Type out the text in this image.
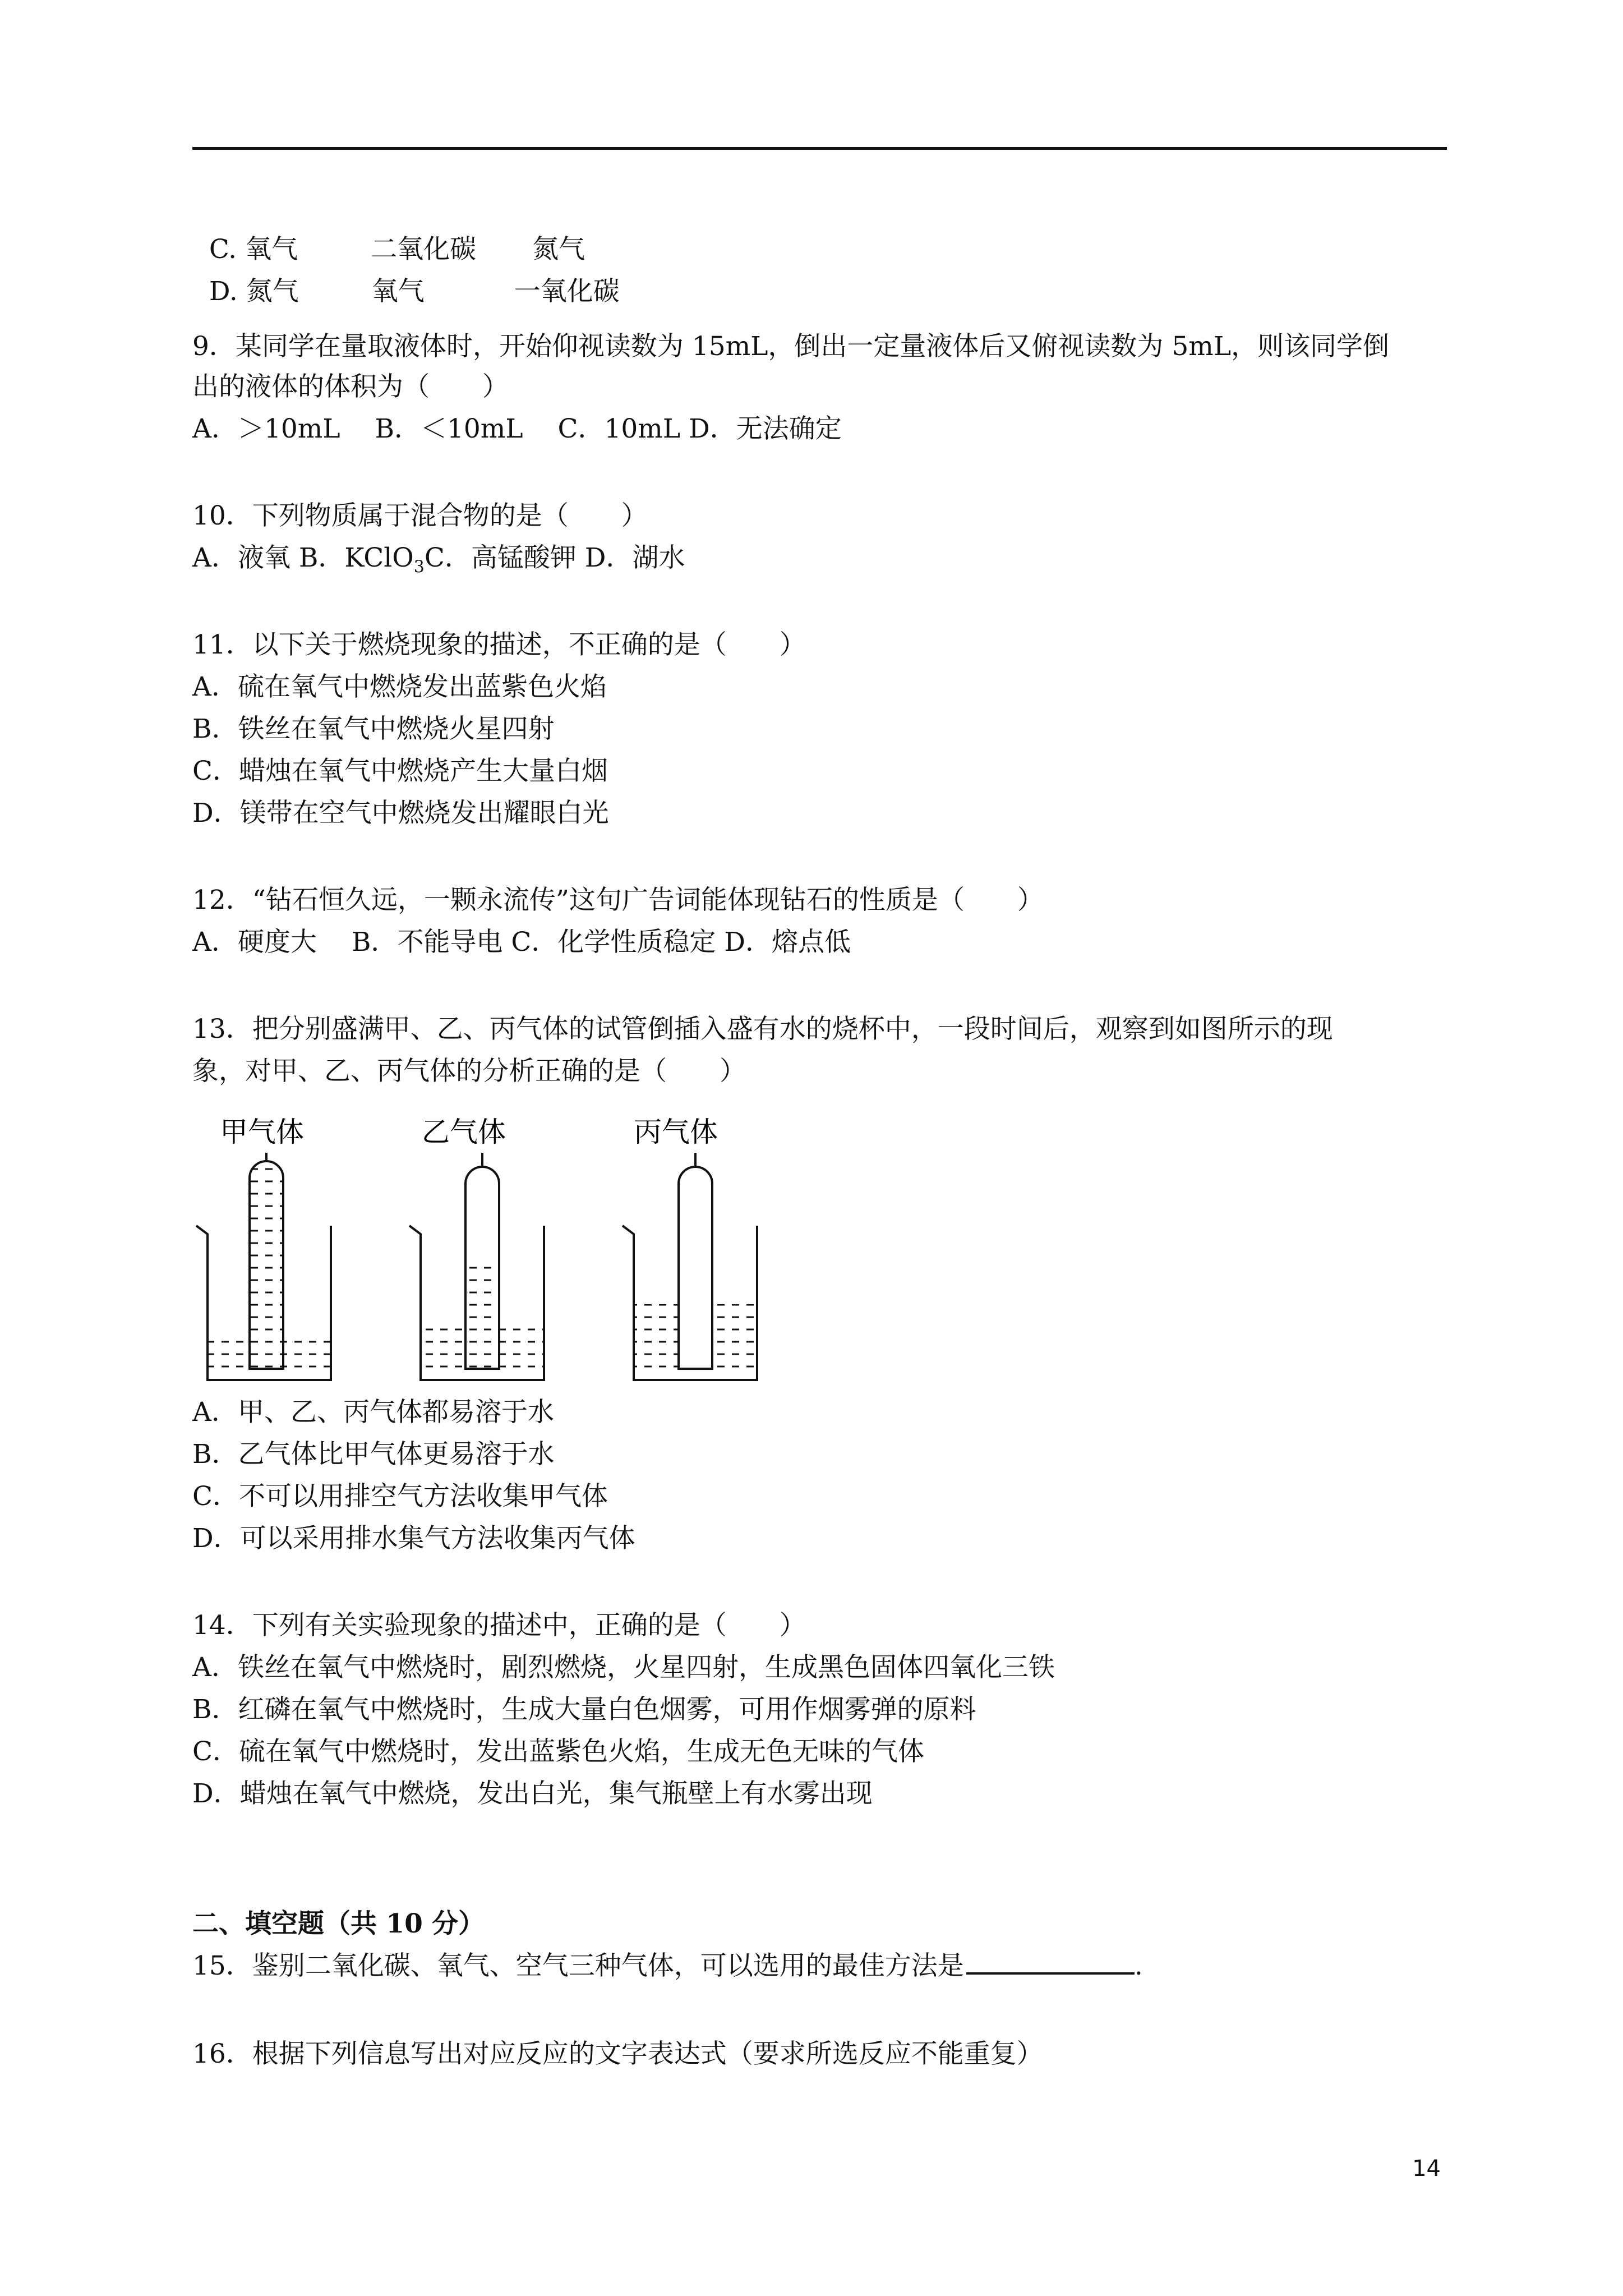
C. 氧气	二氧化碳 氮气

D. 氮气	氧气	一氧化碳

9．某同学在量取液体时，开始仰视读数为 15mL，倒出一定量液体后又俯视读数为 5mL，则该同学倒
出的液体的体积为（　　）
A．＞10mL　 B．＜10mL　 C．10mL D．无法确定
10．下列物质属于混合物的是（　　）
A．液氧 B．KClO$_3$C．高锰酸钾 D．湖水
11．以下关于燃烧现象的描述，不正确的是（　　）
A．硫在氧气中燃烧发出蓝紫色火焰
B．铁丝在氧气中燃烧火星四射
C．蜡烛在氧气中燃烧产生大量白烟
D．镁带在空气中燃烧发出耀眼白光
12．“钻石恒久远，一颗永流传”这句广告词能体现钻石的性质是（　　）
A．硬度大　 B．不能导电 C．化学性质稳定 D．熔点低
13．把分别盛满甲、乙、丙气体的试管倒插入盛有水的烧杯中，一段时间后，观察到如图所示的现
象，对甲、乙、丙气体的分析正确的是（　　）
甲气体	乙气体	丙气体
A．甲、乙、丙气体都易溶于水
B．乙气体比甲气体更易溶于水
C．不可以用排空气方法收集甲气体
D．可以采用排水集气方法收集丙气体
14．下列有关实验现象的描述中，正确的是（　　）
A．铁丝在氧气中燃烧时，剧烈燃烧，火星四射，生成黑色固体四氧化三铁
B．红磷在氧气中燃烧时，生成大量白色烟雾，可用作烟雾弹的原料
C．硫在氧气中燃烧时，发出蓝紫色火焰，生成无色无味的气体
D．蜡烛在氧气中燃烧，发出白光，集气瓶壁上有水雾出现
二、填空题（共 10 分）
15．鉴别二氧化碳、氧气、空气三种气体，可以选用的最佳方法是	.
16．根据下列信息写出对应反应的文字表达式（要求所选反应不能重复）
14
